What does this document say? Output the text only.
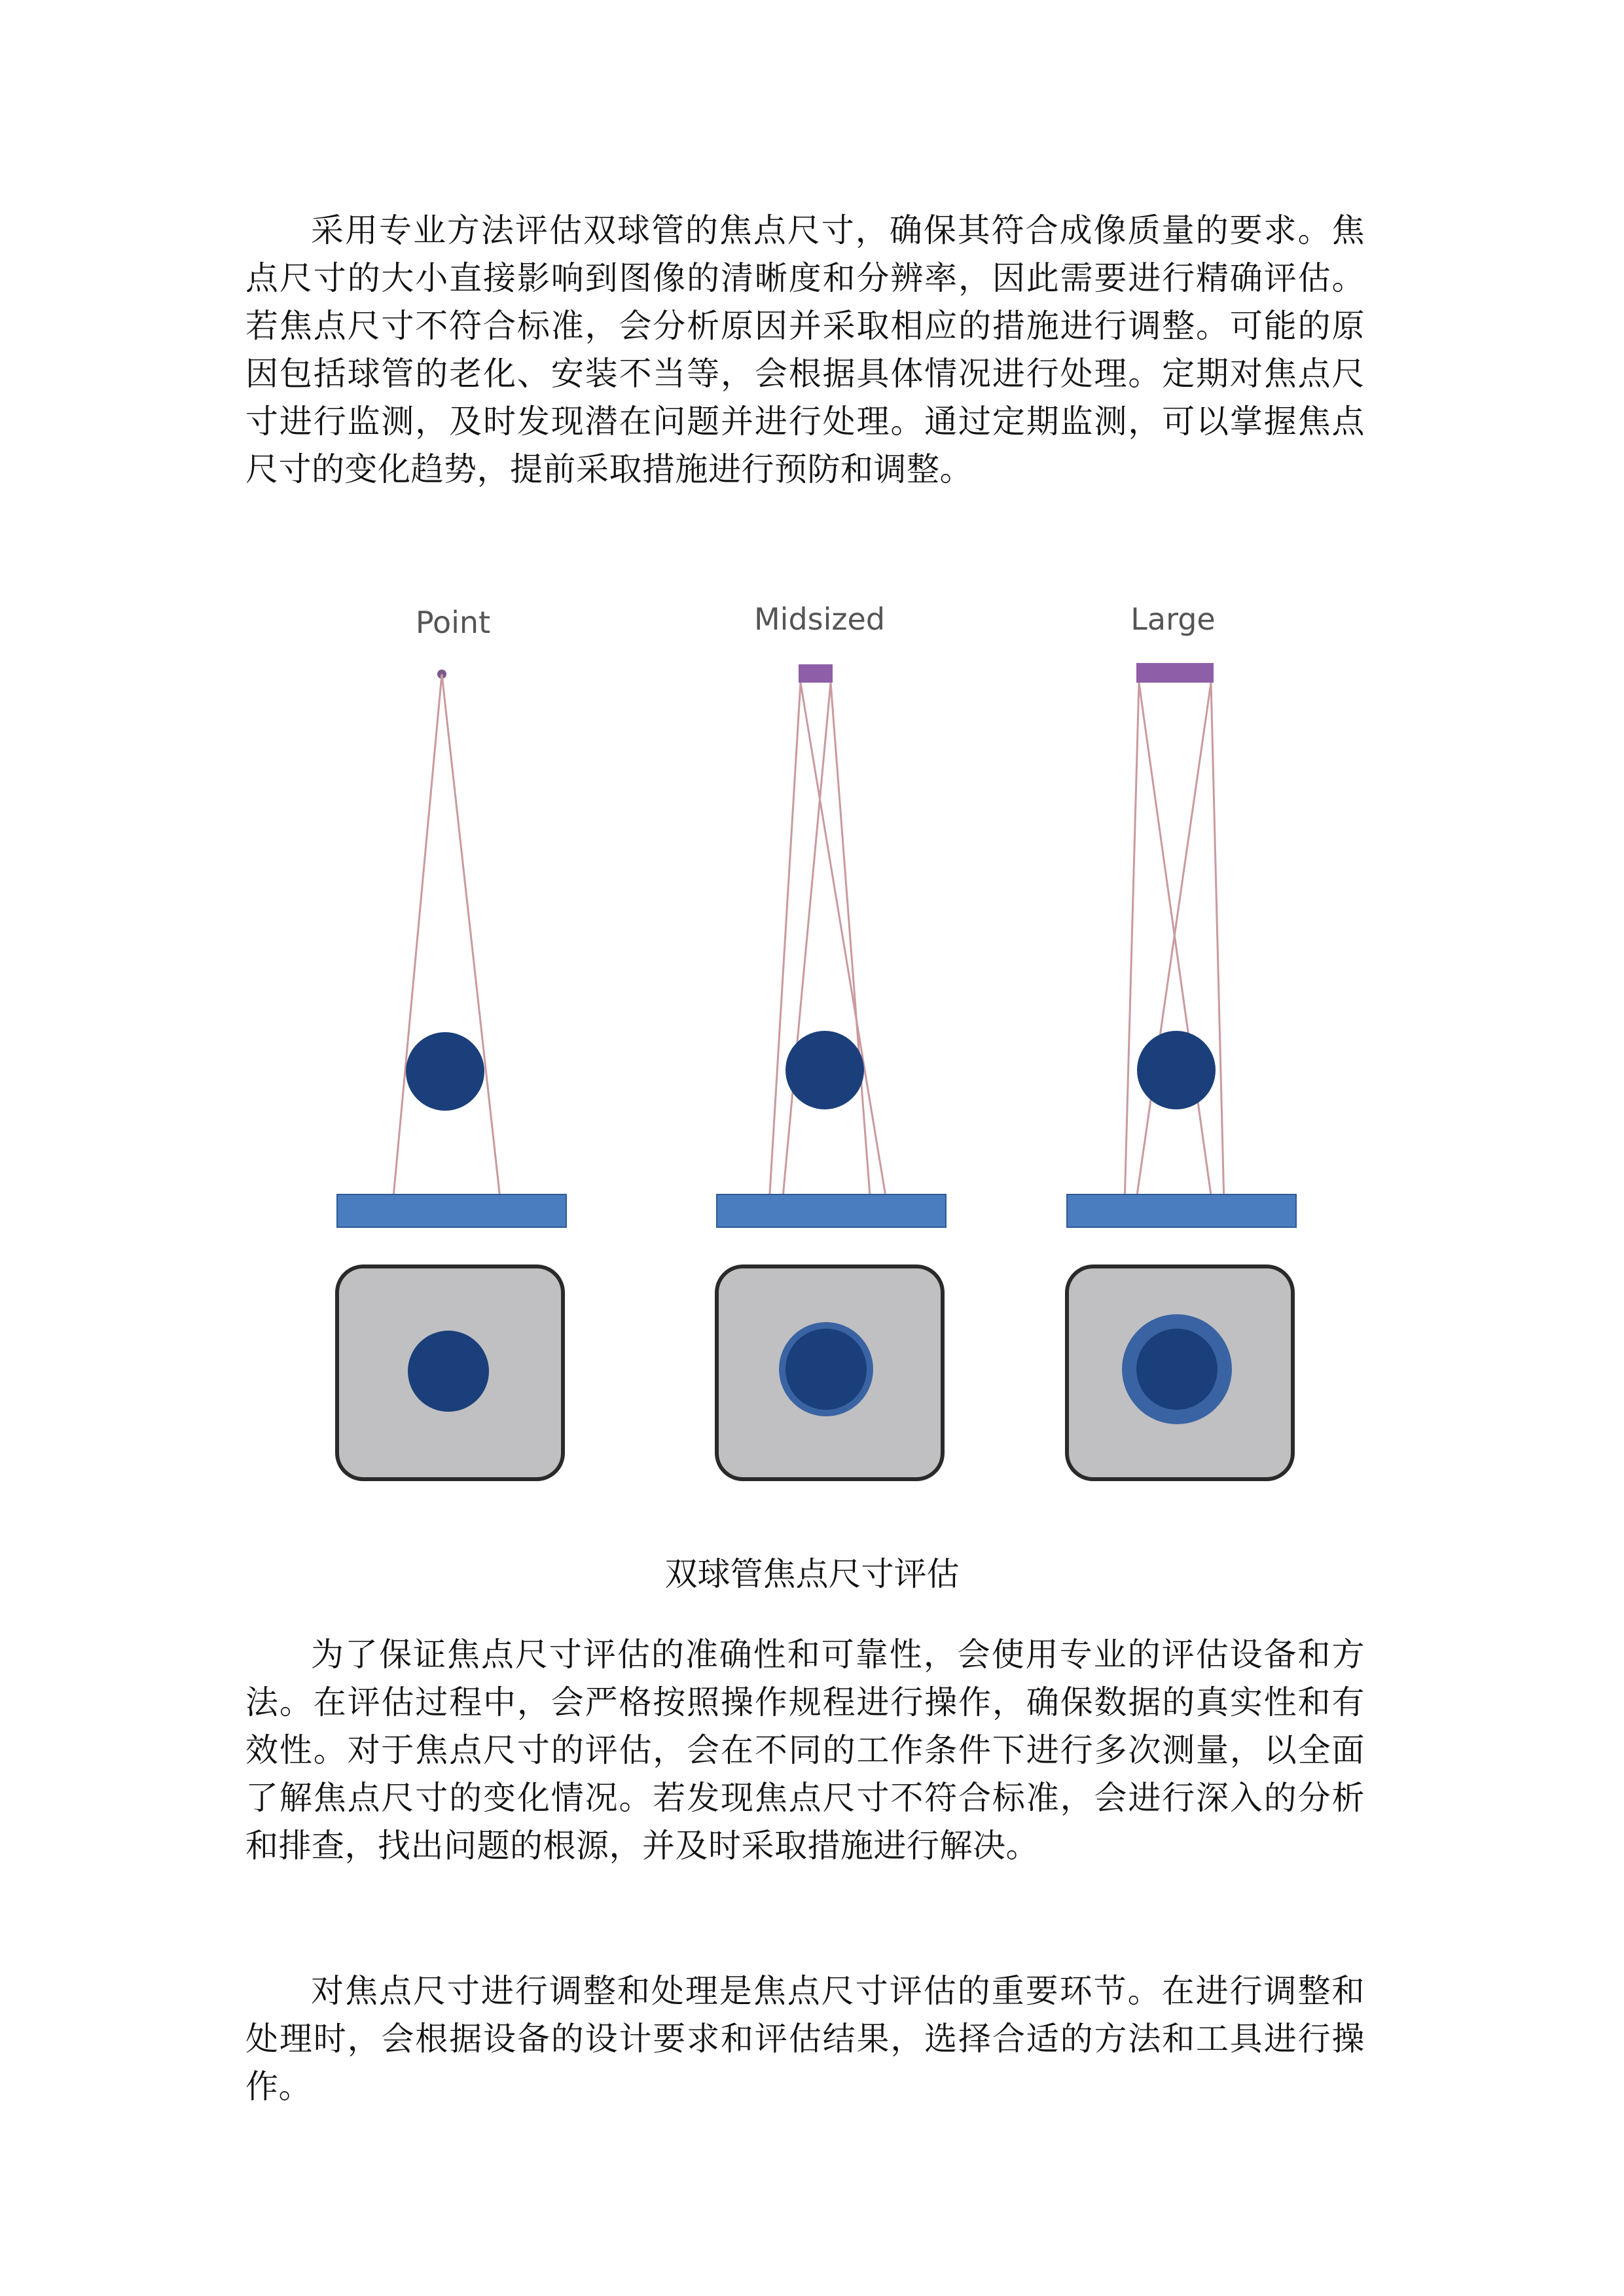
采用专业方法评估双球管的焦点尺寸，确保其符合成像质量的要求。焦点尺寸的大小直接影响到图像的清晰度和分辨率，因此需要进行精确评估。若焦点尺寸不符合标准，会分析原因并采取相应的措施进行调整。可能的原因包括球管的老化、安装不当等，会根据具体情况进行处理。定期对焦点尺寸进行监测，及时发现潜在问题并进行处理。通过定期监测，可以掌握焦点尺寸的变化趋势，提前采取措施进行预防和调整。

Point	Midsized	Large
双球管焦点尺寸评估

为了保证焦点尺寸评估的准确性和可靠性，会使用专业的评估设备和方法。在评估过程中，会严格按照操作规程进行操作，确保数据的真实性和有效性。对于焦点尺寸的评估，会在不同的工作条件下进行多次测量，以全面了解焦点尺寸的变化情况。若发现焦点尺寸不符合标准，会进行深入的分析和排查，找出问题的根源，并及时采取措施进行解决。

对焦点尺寸进行调整和处理是焦点尺寸评估的重要环节。在进行调整和处理时，会根据设备的设计要求和评估结果，选择合适的方法和工具进行操作。
